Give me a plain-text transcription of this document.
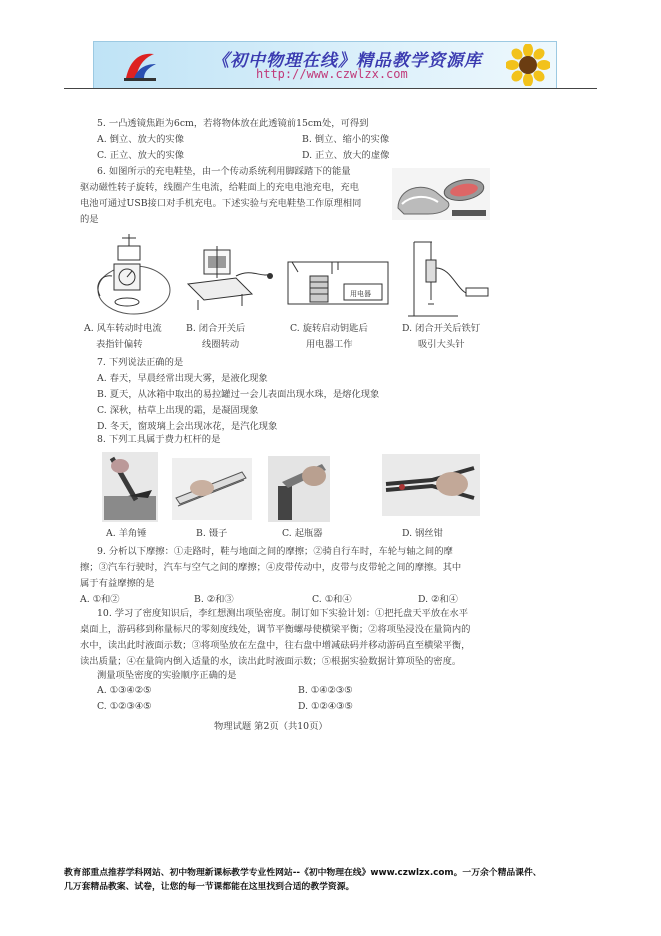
《初中物理在线》精品教学资源库
http://www.czwlzx.com
5. 一凸透镜焦距为6cm，若将物体放在此透镜前15cm处，可得到
A. 倒立、放大的实像	B. 倒立、缩小的实像
C. 正立、放大的实像	D. 正立、放大的虚像
6. 如图所示的充电鞋垫，由一个传动系统利用脚踩踏下的能量
驱动磁性转子旋转，线圈产生电流，给鞋面上的充电电池充电，充电
电池可通过USB接口对手机充电。下述实验与充电鞋垫工作原理相同
的是
用电器
A. 风车转动时电流
表指针偏转
B. 闭合开关后
线圈转动
C. 旋转启动钥匙后
用电器工作
D. 闭合开关后铁钉
吸引大头针
7. 下列说法正确的是
A. 春天，早晨经常出现大雾，是液化现象
B. 夏天，从冰箱中取出的易拉罐过一会儿表面出现水珠，是熔化现象
C. 深秋，枯草上出现的霜，是凝固现象
D. 冬天，窗玻璃上会出现冰花，是汽化现象
8. 下列工具属于费力杠杆的是
A. 羊角锤	B. 镊子	C. 起瓶器	D. 钢丝钳
9. 分析以下摩擦：①走路时，鞋与地面之间的摩擦；②骑自行车时，车轮与轴之间的摩
擦；③汽车行驶时，汽车与空气之间的摩擦；④皮带传动中，皮带与皮带轮之间的摩擦。其中
属于有益摩擦的是
A. ①和②	B. ②和③	C. ①和④	D. ②和④
10. 学习了密度知识后，李红想测出项坠密度。制订如下实验计划：①把托盘天平放在水平
桌面上，游码移到称量标尺的零刻度线处，调节平衡螺母使横梁平衡；②将项坠浸没在量筒内的
水中，读出此时液面示数；③将项坠放在左盘中，往右盘中增减砝码并移动游码直至横梁平衡，
读出质量；④在量筒内倒入适量的水，读出此时液面示数；⑤根据实验数据计算项坠的密度。
测量项坠密度的实验顺序正确的是
A. ①③④②⑤	B. ①④②③⑤
C. ①②③④⑤	D. ①②④③⑤
物理试题 第2页（共10页）
教育部重点推荐学科网站、初中物理新课标教学专业性网站--《初中物理在线》www.czwlzx.com。一万余个精品课件、
几万套精品教案、试卷，让您的每一节课都能在这里找到合适的教学资源。
